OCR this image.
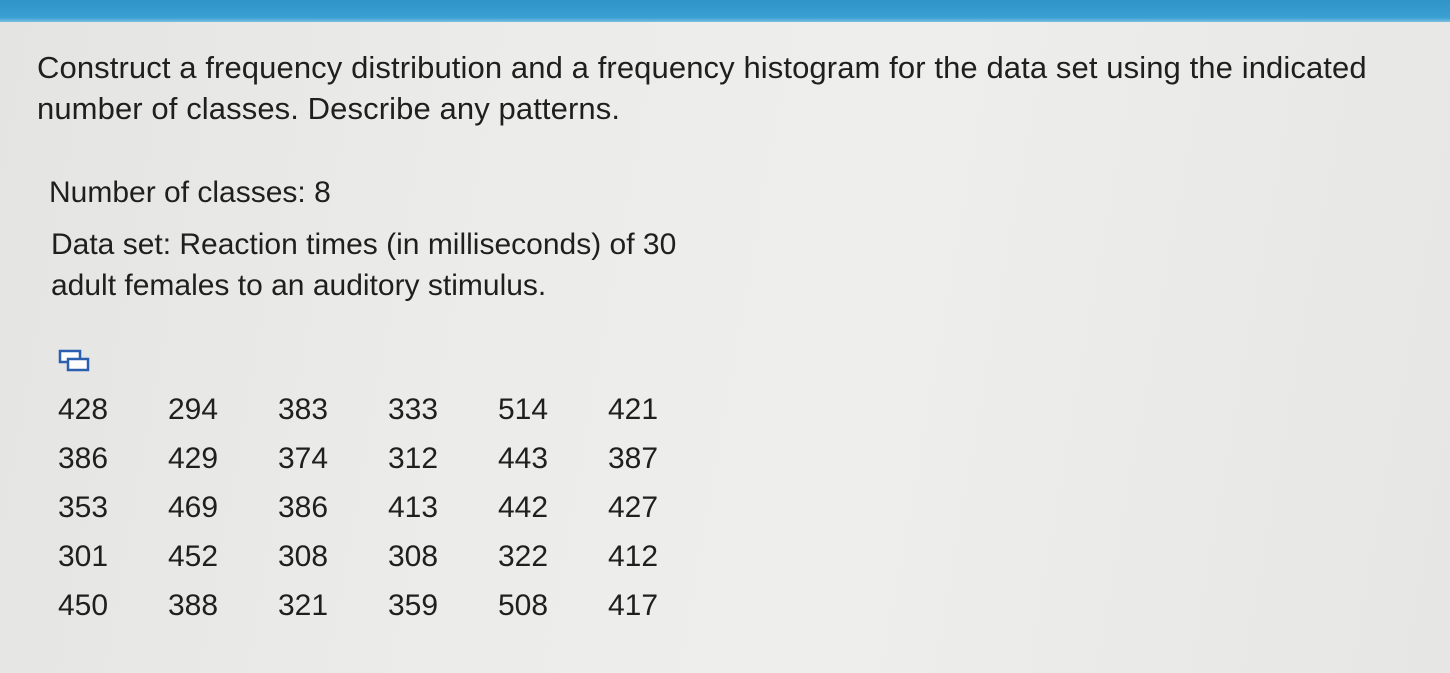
Construct a frequency distribution and a frequency histogram for the data set using the indicated number of classes. Describe any patterns.

Number of classes: 8

Data set: Reaction times (in milliseconds) of 30 adult females to an auditory stimulus.

428	294	383	333	514	421
386	429	374	312	443	387
353	469	386	413	442	427
301	452	308	308	322	412
450	388	321	359	508	417
